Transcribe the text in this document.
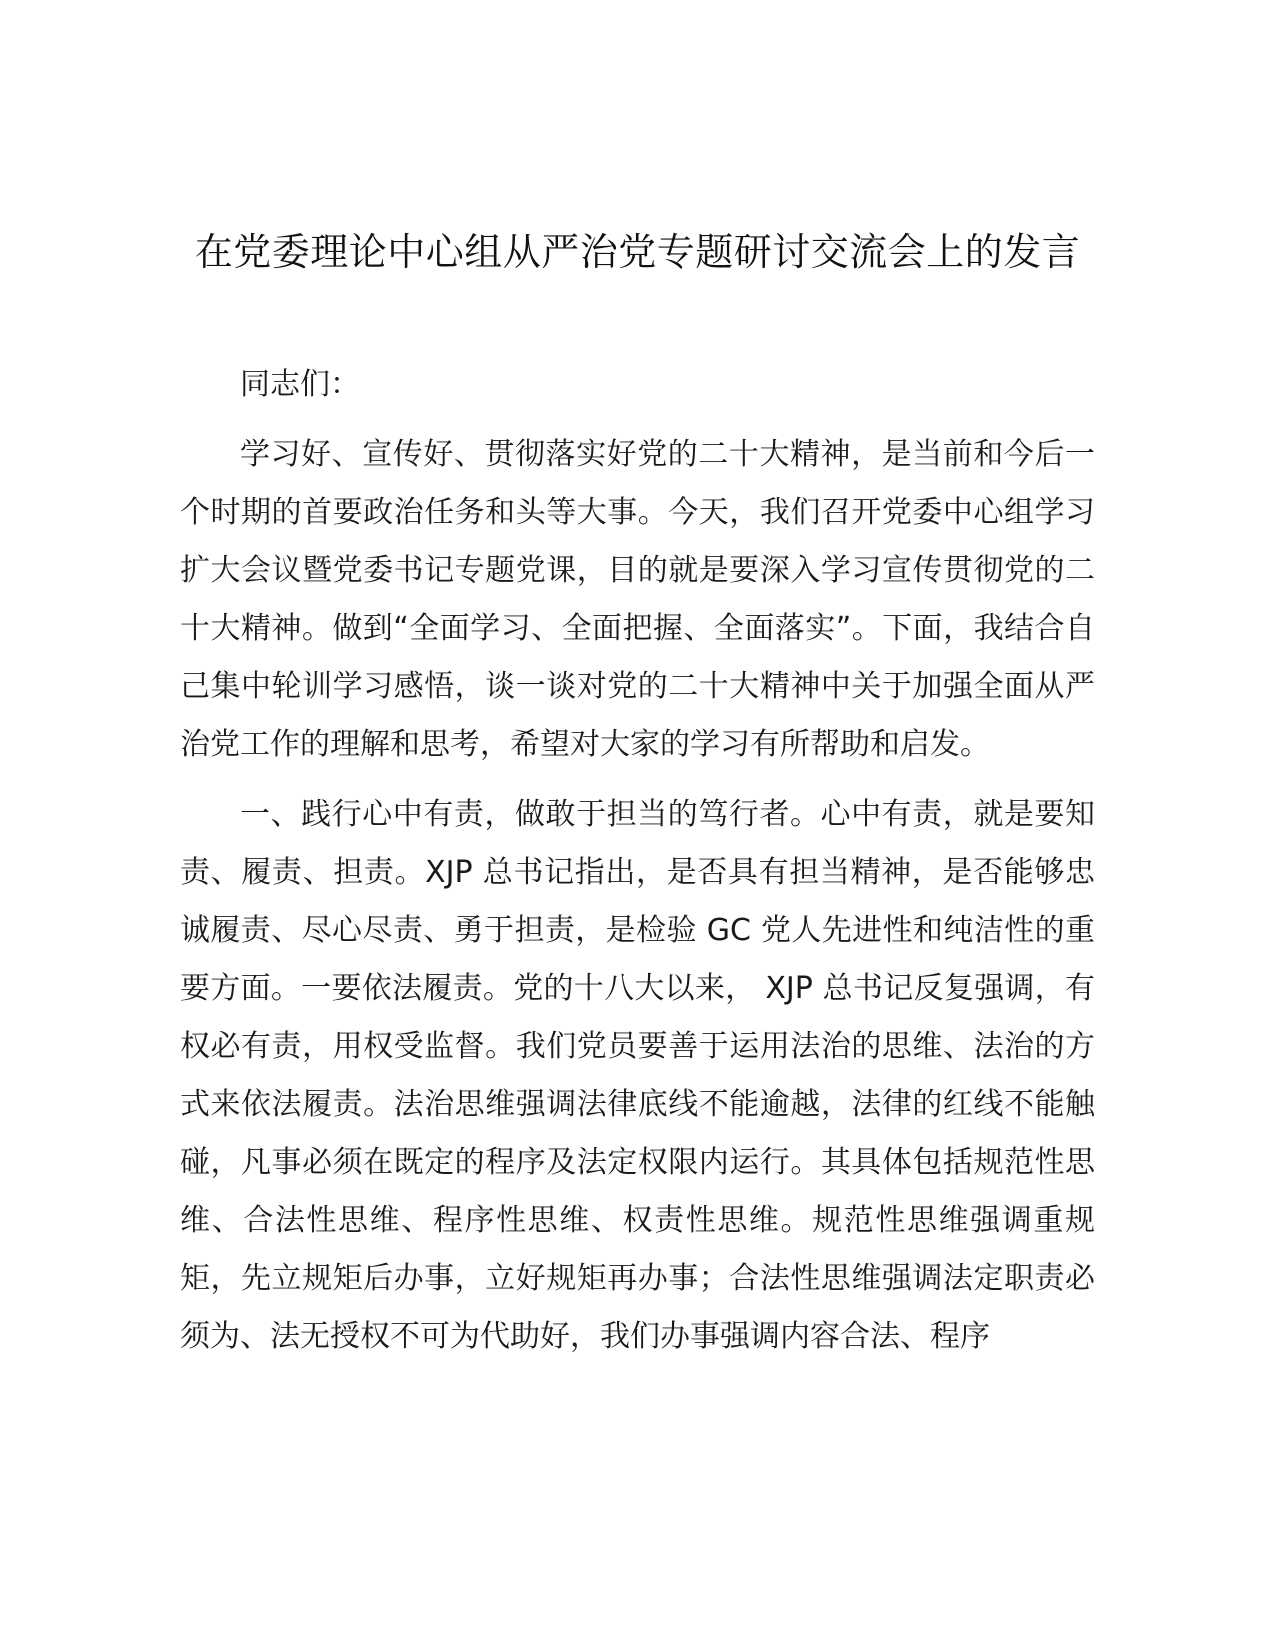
在党委理论中心组从严治党专题研讨交流会上的发言

同志们：

学习好、宣传好、贯彻落实好党的二十大精神，是当前和今后一个时期的首要政治任务和头等大事。今天，我们召开党委中心组学习扩大会议暨党委书记专题党课，目的就是要深入学习宣传贯彻党的二十大精神。做到“全面学习、全面把握、全面落实”。下面，我结合自己集中轮训学习感悟，谈一谈对党的二十大精神中关于加强全面从严治党工作的理解和思考，希望对大家的学习有所帮助和启发。

一、践行心中有责，做敢于担当的笃行者。心中有责，就是要知责、履责、担责。XJP 总书记指出，是否具有担当精神，是否能够忠诚履责、尽心尽责、勇于担责，是检验 GC 党人先进性和纯洁性的重要方面。一要依法履责。党的十八大以来， XJP 总书记反复强调，有权必有责，用权受监督。我们党员要善于运用法治的思维、法治的方式来依法履责。法治思维强调法律底线不能逾越，法律的红线不能触碰，凡事必须在既定的程序及法定权限内运行。其具体包括规范性思维、合法性思维、程序性思维、权责性思维。规范性思维强调重规矩，先立规矩后办事，立好规矩再办事；合法性思维强调法定职责必须为、法无授权不可为代助好，我们办事强调内容合法、程序
